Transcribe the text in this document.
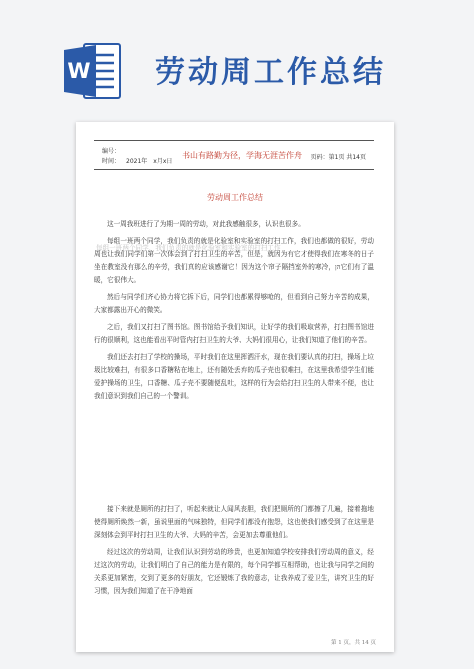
W 劳动周工作总结
编号：
时间： 2021年 x月x日
书山有路勤为径，学海无涯苦作舟 页码：第1页 共14页
劳动周工作总结
每组一班两个同学，我们负责的就是化验室和实验室的打扫工作

这一周我班进行了为期一周的劳动，对此我感触很多，认识也很多。

每组一班两个同学，我们负责的就是化验室和实验室的打扫工作，我们也都做的很好，劳动周也让我们同学们第一次体会到了打扫卫生的辛苦，但是，就因为有它才使得我们在寒冬的日子坐在教室没有那么的辛劳，我们真的应该感谢它！因为这个帘子隔挡室外的寒冷，הן它们有了温暖，它很伟大。

然后与同学们齐心协力将它拆下后，同学们也都累得够呛的，但看到自己努力辛苦的成果，大家都露出开心的微笑。

之后，我们又打扫了图书馆。图书馆给予我们知识，让好学的我们吸取营养，打扫图书馆进行的很顺利，这也能看出平时管内打扫卫生的大爷、大妈们很用心，让我们知道了他们的辛苦。

我们还去打扫了学校的操场，平时我们在这里挥洒汗水，现在我们要认真的打扫，操场上垃圾比较难扫，有很多口香糖粘在地上，还有随处丢弃的瓜子壳也很难扫，在这里我希望学生们能爱护操场的卫生，口香糖、瓜子壳不要随便乱吐，这样的行为会给打扫卫生的人带来不便，也让我们意识到我们自己的一个警训。

接下来就是厕所的打扫了，听起来就让人闻风丧胆，我们把厕所的门都擦了几遍，接着拖地使得厕所焕然一新，虽说里面的气味独特，但同学们都没有抱怨，这也使我们感受到了在这里是深刻体会到平时打扫卫生的大爷、大妈的辛苦，会更加去尊重他们。

经过这次的劳动周，让我们认识到劳动的珍贵，也更加知道学校安排我们劳动周的意义，经过这次的劳动，让我们明白了自己的能力是有限的，每个同学都互相帮助，也让我与同学之间的关系更加紧密，交到了更多的好朋友，它还锻炼了我的意志，让我养成了爱卫生，讲究卫生的好习惯，因为我们知道了在干净地面

第 1 页，共 14 页
